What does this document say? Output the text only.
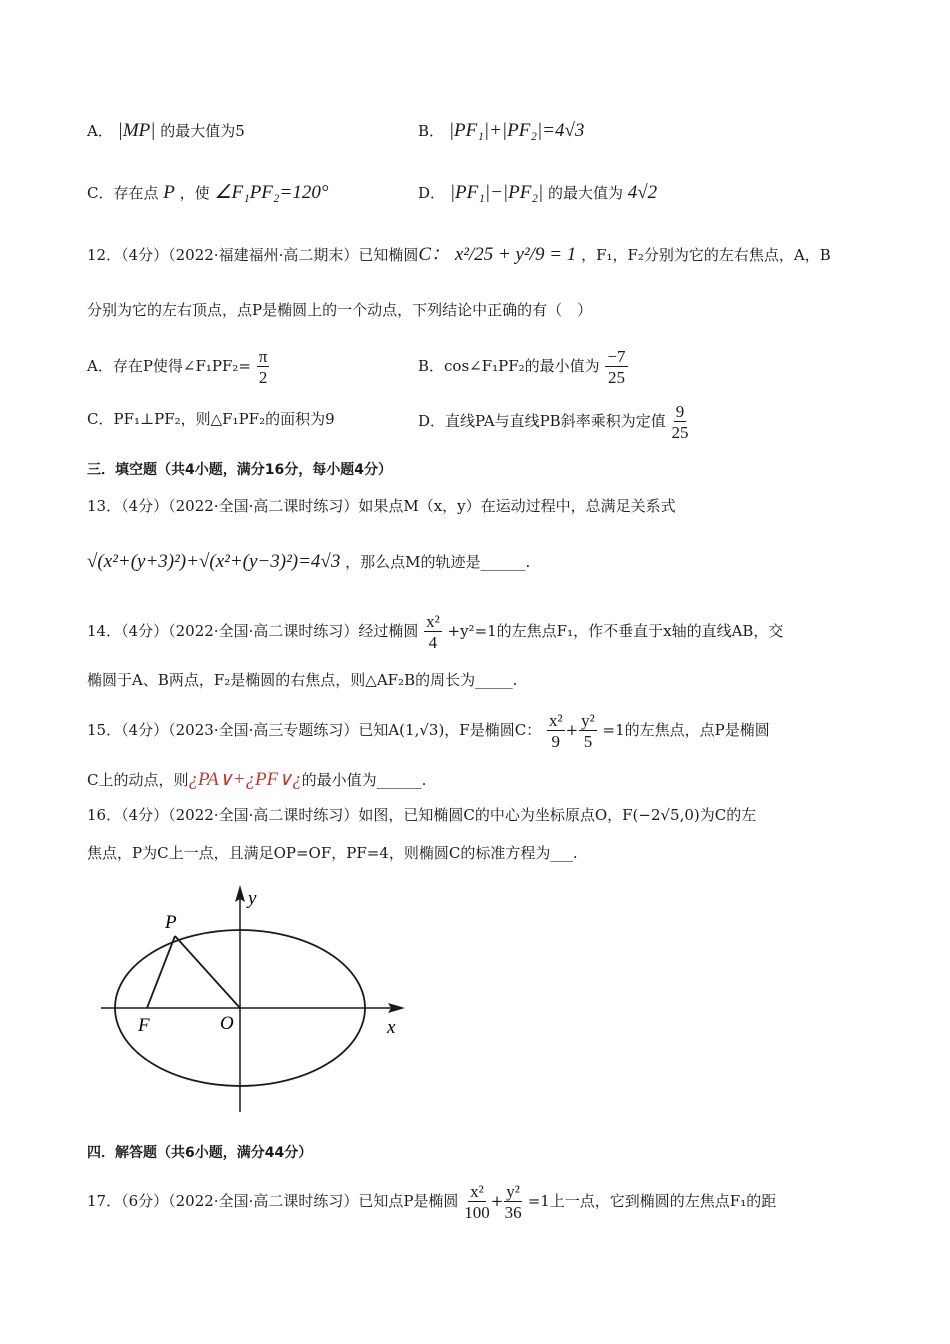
A． |MP| 的最大值为5	B． |PF₁|+|PF₂|=4√3
C．存在点 P ，使 ∠F₁PF₂=120°	D． |PF₁|−|PF₂| 的最大值为 4√2
12．（4分）（2022·福建福州·高二期末）已知椭圆C： x²/25 + y²/9 = 1 ，F₁，F₂分别为它的左右焦点，A，B
分别为它的左右顶点，点P是椭圆上的一个动点，下列结论中正确的有（　）
A．存在P使得∠F₁PF₂= $\frac{\pi}{2}$	B．cos∠F₁PF₂的最小值为 $\frac{-7}{25}$
C．PF₁⊥PF₂，则△F₁PF₂的面积为9	D．直线PA与直线PB斜率乘积为定值 $\frac{9}{25}$
三．填空题（共4小题，满分16分，每小题4分）
13．（4分）（2022·全国·高二课时练习）如果点M（x，y）在运动过程中，总满足关系式
√(x²+(y+3)²)+√(x²+(y−3)²)=4√3 ，那么点M的轨迹是______.
14．（4分）（2022·全国·高二课时练习）经过椭圆 $\frac{\text{x²}}{4} +y^2=1$的左焦点F₁，作不垂直于x轴的直线AB，交
椭圆于A、B两点，F₂是椭圆的右焦点，则△AF₂B的周长为_____.
15．（4分）（2023·全国·高三专题练习）已知A(1,√3)，F是椭圆C： $\frac{\text{x²}}{9} + \frac{\text{y²}}{5} =1$的左焦点，点P是椭圆
C上的动点，则¿PA∨+¿PF∨¿的最小值为______.
16．（4分）（2022·全国·高二课时练习）如图，已知椭圆C的中心为坐标原点O，F(−2√5,0)为C的左
焦点，P为C上一点，且满足OP=OF，PF=4，则椭圆C的标准方程为___.
y
x
P
F	O
四．解答题（共6小题，满分44分）
17．（6分）（2022·全国·高二课时练习）已知点P是椭圆 $\frac{\text{x²}}{100} + \frac{\text{y²}}{36} =1$上一点，它到椭圆的左焦点F₁的距
